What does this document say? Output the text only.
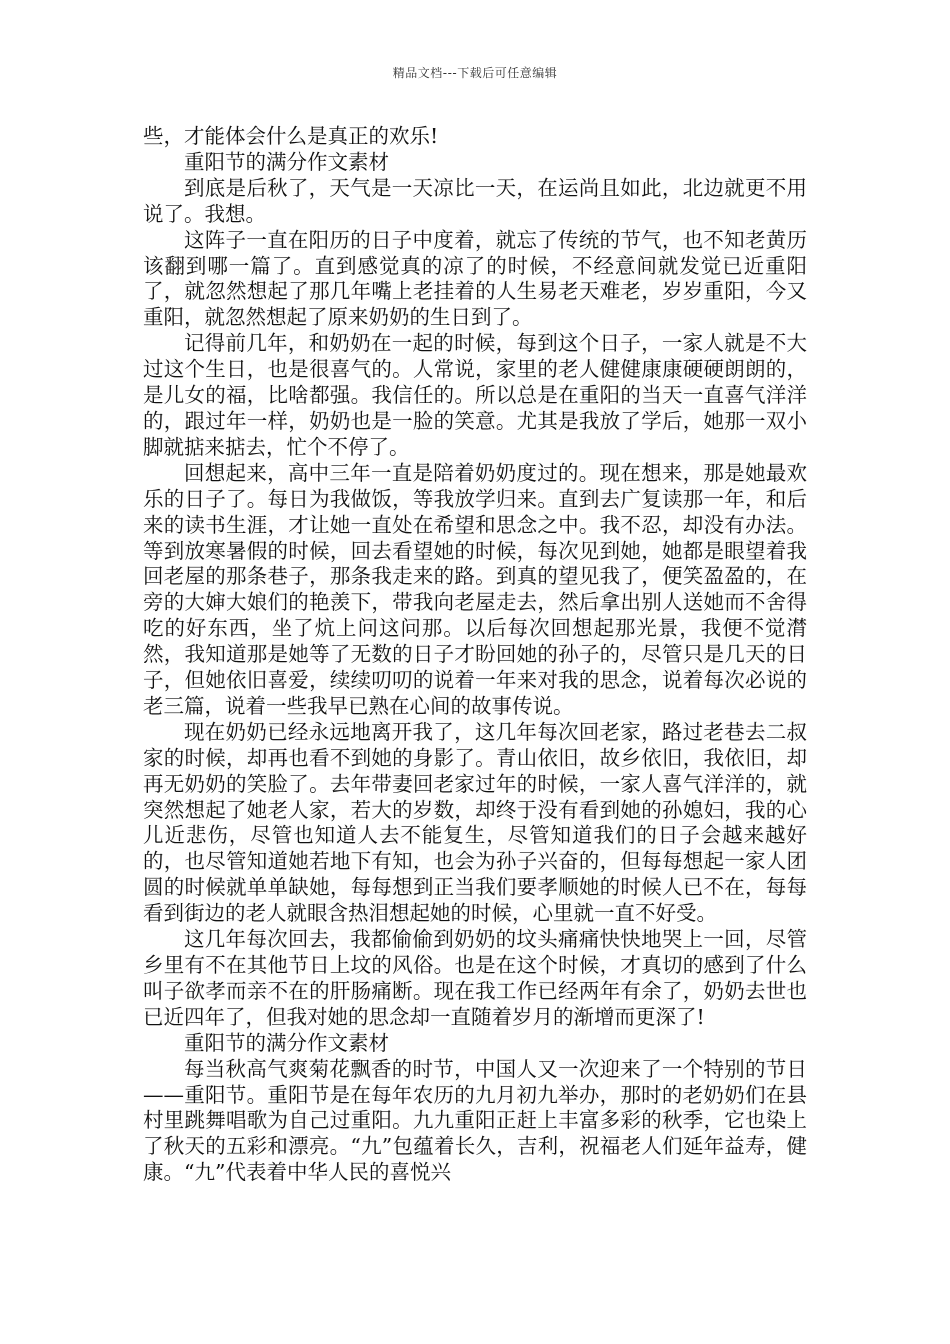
精品文档---下载后可任意编辑

些，才能体会什么是真正的欢乐!

重阳节的满分作文素材

到底是后秋了，天气是一天凉比一天，在运尚且如此，北边就更不用说了。我想。

这阵子一直在阳历的日子中度着，就忘了传统的节气，也不知老黄历该翻到哪一篇了。直到感觉真的凉了的时候，不经意间就发觉已近重阳了，就忽然想起了那几年嘴上老挂着的人生易老天难老，岁岁重阳，今又重阳，就忽然想起了原来奶奶的生日到了。

记得前几年，和奶奶在一起的时候，每到这个日子，一家人就是不大过这个生日，也是很喜气的。人常说，家里的老人健健康康硬硬朗朗的，是儿女的福，比啥都强。我信任的。所以总是在重阳的当天一直喜气洋洋的，跟过年一样，奶奶也是一脸的笑意。尤其是我放了学后，她那一双小脚就掂来掂去，忙个不停了。

回想起来，高中三年一直是陪着奶奶度过的。现在想来，那是她最欢乐的日子了。每日为我做饭，等我放学归来。直到去广复读那一年，和后来的读书生涯，才让她一直处在希望和思念之中。我不忍，却没有办法。等到放寒暑假的时候，回去看望她的时候，每次见到她，她都是眼望着我回老屋的那条巷子，那条我走来的路。到真的望见我了，便笑盈盈的，在旁的大婶大娘们的艳羡下，带我向老屋走去，然后拿出别人送她而不舍得吃的好东西，坐了炕上问这问那。以后每次回想起那光景，我便不觉潸然，我知道那是她等了无数的日子才盼回她的孙子的，尽管只是几天的日子，但她依旧喜爱，续续叨叨的说着一年来对我的思念，说着每次必说的老三篇，说着一些我早已熟在心间的故事传说。

现在奶奶已经永远地离开我了，这几年每次回老家，路过老巷去二叔家的时候，却再也看不到她的身影了。青山依旧，故乡依旧，我依旧，却再无奶奶的笑脸了。去年带妻回老家过年的时候，一家人喜气洋洋的，就突然想起了她老人家，若大的岁数，却终于没有看到她的孙媳妇，我的心儿近悲伤，尽管也知道人去不能复生，尽管知道我们的日子会越来越好的，也尽管知道她若地下有知，也会为孙子兴奋的，但每每想起一家人团圆的时候就单单缺她，每每想到正当我们要孝顺她的时候人已不在，每每看到街边的老人就眼含热泪想起她的时候，心里就一直不好受。

这几年每次回去，我都偷偷到奶奶的坟头痛痛快快地哭上一回，尽管乡里有不在其他节日上坟的风俗。也是在这个时候，才真切的感到了什么叫子欲孝而亲不在的肝肠痛断。现在我工作已经两年有余了，奶奶去世也已近四年了，但我对她的思念却一直随着岁月的渐增而更深了!

重阳节的满分作文素材

每当秋高气爽菊花飘香的时节，中国人又一次迎来了一个特别的节日——重阳节。重阳节是在每年农历的九月初九举办，那时的老奶奶们在县村里跳舞唱歌为自己过重阳。九九重阳正赶上丰富多彩的秋季，它也染上了秋天的五彩和漂亮。“九”包蕴着长久，吉利，祝福老人们延年益寿，健康。“九”代表着中华人民的喜悦兴
